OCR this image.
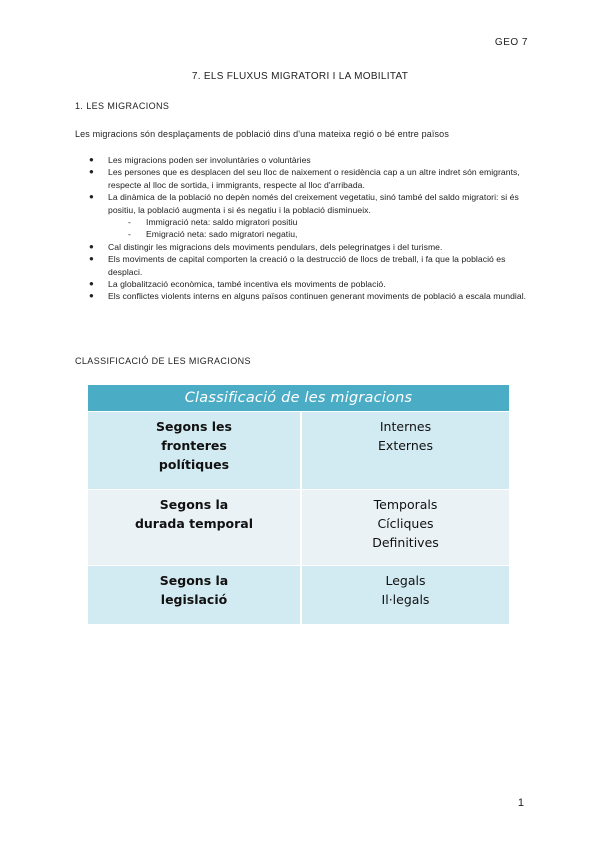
GEO 7
7. ELS FLUXUS MIGRATORI I LA MOBILITAT
1. LES MIGRACIONS
Les migracions són desplaçaments de població dins d'una mateixa regió o bé entre països
● Les migracions poden ser involuntàries o voluntàries
● Les persones que es desplacen del seu lloc de naixement o residència cap a un altre indret són emigrants, respecte al lloc de sortida, i immigrants, respecte al lloc d'arribada.
● La dinàmica de la població no depèn només del creixement vegetatiu, sinó també del saldo migratori: si és positiu, la població augmenta i si és negatiu i la població disminueix.
- Immigració neta: saldo migratori positiu
- Emigració neta: sado migratori negatiu,
● Cal distingir les migracions dels moviments pendulars, dels pelegrinatges i del turisme.
● Els moviments de capital comporten la creació o la destrucció de llocs de treball, i fa que la població es desplaci.
● La globalització econòmica, també incentiva els moviments de població.
● Els conflictes violents interns en alguns països continuen generant moviments de població a escala mundial.
CLASSIFICACIÓ DE LES MIGRACIONS
Classificació de les migracions	

Segons les
fronteres
polítiques	Internes
Externes

Segons la
durada temporal	Temporals
Cícliques
Definitives

Segons la
legislació	Legals
Il·legals
1
